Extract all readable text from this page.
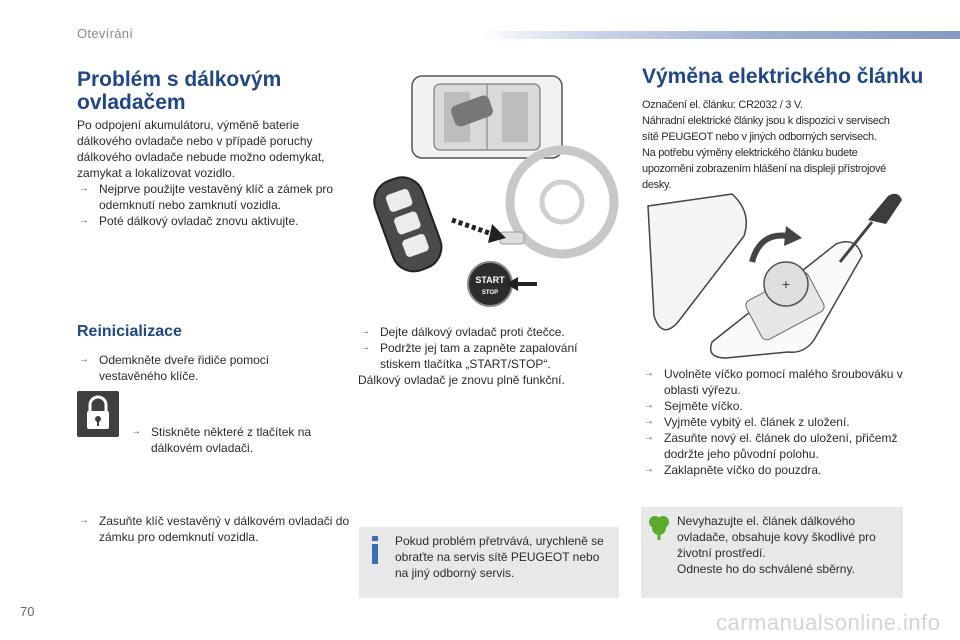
Otevírání
Problém s dálkovým ovladačem
Po odpojení akumulátoru, výměně baterie dálkového ovladače nebo v případě poruchy dálkového ovladače nebude možno odemykat, zamykat a lokalizovat vozidlo.
→ Nejprve použijte vestavěný klíč a zámek pro odemknutí nebo zamknutí vozidla.
→ Poté dálkový ovladač znovu aktivujte.
Reinicializace
→ Odemkněte dveře řidiče pomocí vestavěného klíče.
→ Stiskněte některé z tlačítek na dálkovém ovladači.
→ Zasuňte klíč vestavěný v dálkovém ovladači do zámku pro odemknutí vozidla.
START
STOP
→ Dejte dálkový ovladač proti čtečce.
→ Podržte jej tam a zapněte zapalování stiskem tlačítka „START/STOP“.
Dálkový ovladač je znovu plně funkční.
Pokud problém přetrvává, urychleně se obraťte na servis sítě PEUGEOT nebo na jiný odborný servis.
Výměna elektrického článku
Označení el. článku: CR2032 / 3 V.
Náhradní elektrické články jsou k dispozici v servisech sítě PEUGEOT nebo v jiných odborných servisech.
Na potřebu výměny elektrického článku budete upozorněni zobrazením hlášení na displeji přístrojové desky.
+
→ Uvolněte víčko pomocí malého šroubováku v oblasti výřezu.
→ Sejměte víčko.
→ Vyjměte vybitý el. článek z uložení.
→ Zasuňte nový el. článek do uložení, přičemž dodržte jeho původní polohu.
→ Zaklapněte víčko do pouzdra.
Nevyhazujte el. článek dálkového ovladače, obsahuje kovy škodlivé pro životní prostředí.
Odneste ho do schválené sběrny.
70	carmanualsonline.info
